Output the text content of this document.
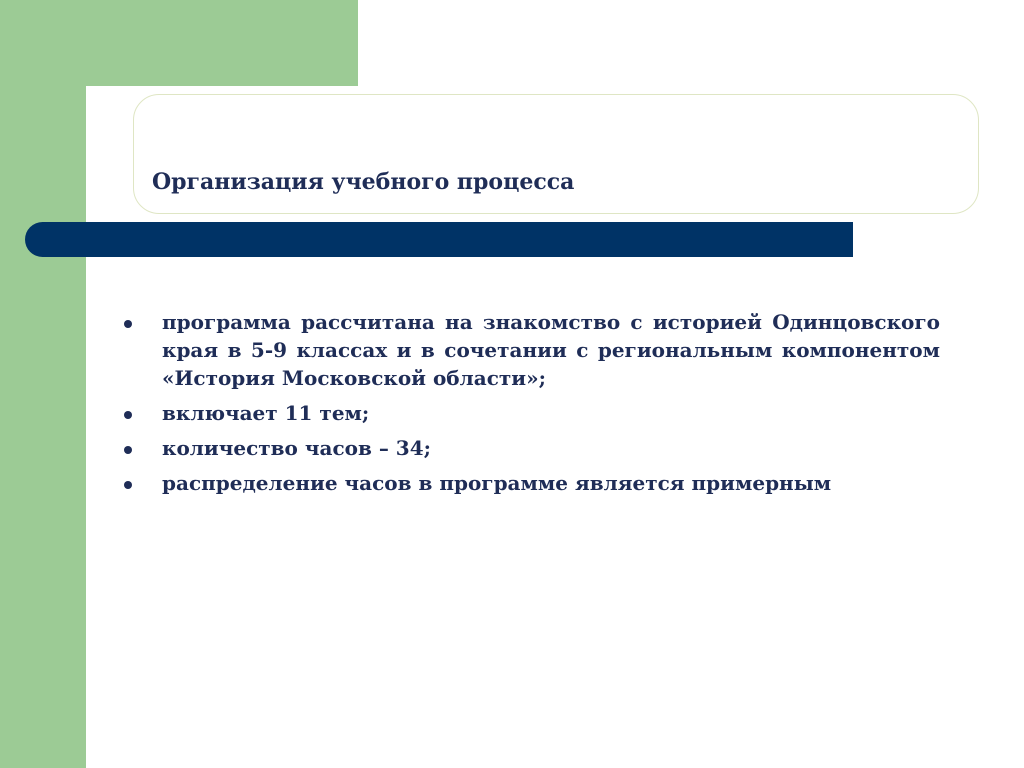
Организация учебного процесса
программа рассчитана на знакомство с историей Одинцовского края в 5-9 классах и в сочетании с региональным компонентом «История Московской области»;
включает 11 тем;
количество часов – 34;
распределение часов в программе является примерным
